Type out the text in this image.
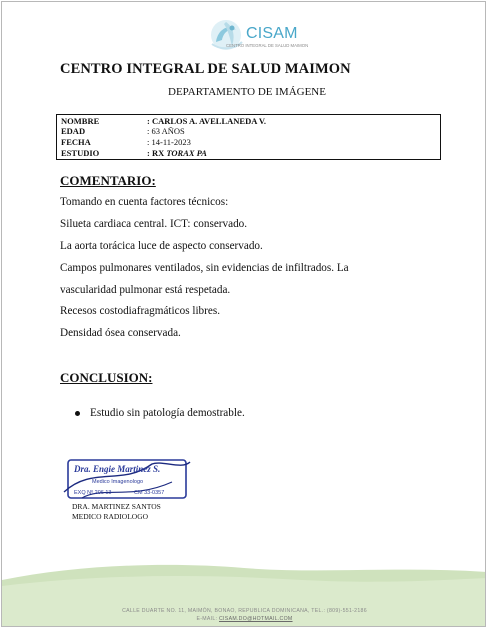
CISAM
CENTRO INTEGRAL DE SALUD MAIMON
CENTRO INTEGRAL DE SALUD MAIMON
DEPARTAMENTO DE IMÁGENE
NOMBRE	: CARLOS A. AVELLANEDA V.
EDAD	: 63 AÑOS
FECHA	: 14-11-2023
ESTUDIO	: RX TORAX PA
COMENTARIO:
Tomando en cuenta factores técnicos:
Silueta cardiaca central. ICT: conservado.
La aorta torácica luce de aspecto conservado.
Campos pulmonares ventilados, sin evidencias de infiltrados. La
vascularidad pulmonar está respetada.
Recesos costodiafragmáticos libres.
Densidad ósea conservada.
CONCLUSION:
Estudio sin patología demostrable.
Dra. Engie Martinez S.
Medico Imagenologo
EXQ Nº 206 13	CM 33-0357
DRA. MARTINEZ SANTOS
MEDICO RADIOLOGO
CALLE DUARTE NO. 11, MAIMÓN, BONAO, REPUBLICA DOMINICANA, TEL.: (809)-551-2186
E-MAIL: CISAM.DO@HOTMAIL.COM
